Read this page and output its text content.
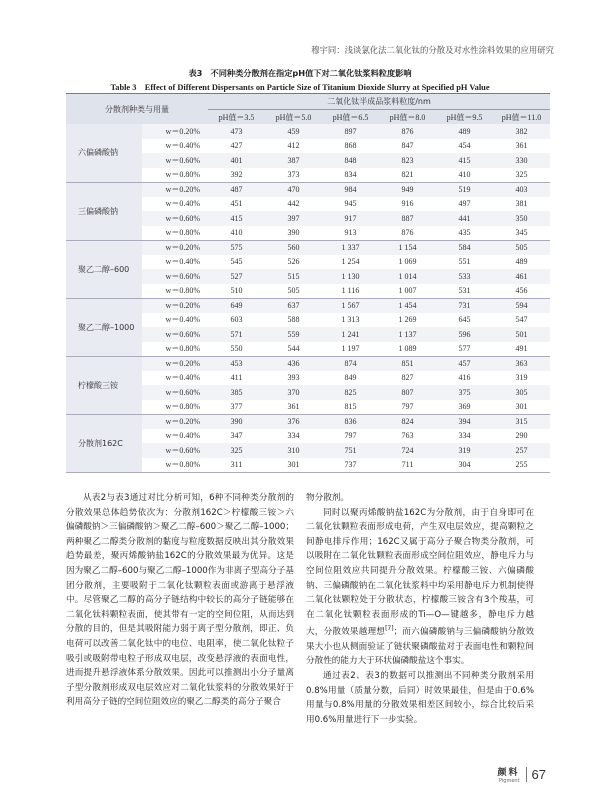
穆宇同：浅谈氯化法二氧化钛的分散及对水性涂料效果的应用研究
表3　不同种类分散剂在指定pH值下对二氧化钛浆料粒度影响
Table 3　Effect of Different Dispersants on Particle Size of Titanium Dioxide Slurry at Specified pH Value
分散剂种类与用量		二氧化钛半成品浆料粒度/nm					
		pH值＝3.5	pH值＝5.0	pH值＝6.5	pH值＝8.0	pH值＝9.5	pH值＝11.0
六偏磷酸钠	w＝0.20%	473	459	897	876	489	382
	w＝0.40%	427	412	868	847	454	361
	w＝0.60%	401	387	848	823	415	330
	w＝0.80%	392	373	834	821	410	325
三偏磷酸钠	w＝0.20%	487	470	984	949	519	403
	w＝0.40%	451	442	945	916	497	381
	w＝0.60%	415	397	917	887	441	350
	w＝0.80%	410	390	913	876	435	345
聚乙二醇–600	w＝0.20%	575	560	1 337	1 154	584	505
	w＝0.40%	545	526	1 254	1 069	551	489
	w＝0.60%	527	515	1 130	1 014	533	461
	w＝0.80%	510	505	1 116	1 007	531	456
聚乙二醇–1000	w＝0.20%	649	637	1 567	1 454	731	594
	w＝0.40%	603	588	1 313	1 269	645	547
	w＝0.60%	571	559	1 241	1 137	596	501
	w＝0.80%	550	544	1 197	1 089	577	491
柠檬酸三铵	w＝0.20%	453	436	874	851	457	363
	w＝0.40%	411	393	849	827	416	319
	w＝0.60%	385	370	825	807	375	305
	w＝0.80%	377	361	815	797	369	301
分散剂162C	w＝0.20%	390	376	836	824	394	315
	w＝0.40%	347	334	797	763	334	290
	w＝0.60%	325	310	751	724	319	257
	w＝0.80%	311	301	737	711	304	255

从表2与表3通过对比分析可知，6种不同种类分散剂的分散效果总体趋势依次为：分散剂162C＞柠檬酸三铵＞六偏磷酸钠＞三偏磷酸钠＞聚乙二醇–600＞聚乙二醇–1000；两种聚乙二醇类分散剂的黏度与粒度数据反映出其分散效果趋势最差，聚丙烯酸钠盐162C的分散效果最为优异。这是因为聚乙二醇–600与聚乙二醇–1000作为非离子型高分子基团分散剂，主要吸附于二氧化钛颗粒表面或游离于悬浮液中。尽管聚乙二醇的高分子链结构中较长的高分子链能够在二氧化钛料颗粒表面，使其带有一定的空间位阻，从而达到分散的目的，但是其吸附能力弱于离子型分散剂，即正、负电荷可以改善二氧化钛中的电位、电阻率，使二氧化钛粒子吸引或吸附带电粒子形成双电层，改变悬浮液的表面电性，进而提升悬浮液体系分散效果。因此可以推测出小分子量离子型分散剂形成双电层效应对二氧化钛浆料的分散效果好于利用高分子链的空间位阻效应的聚乙二醇类的高分子聚合

物分散剂。

同时以聚丙烯酸钠盐162C为分散剂，由于自身即可在二氧化钛颗粒表面形成电荷，产生双电层效应，提高颗粒之间静电排斥作用；162C又属于高分子聚合物类分散剂，可以吸附在二氧化钛颗粒表面形成空间位阻效应，静电斥力与空间位阻效应共同提升分散效果。柠檬酸三铵、六偏磷酸钠、三偏磷酸钠在二氧化钛浆料中均采用静电斥力机制使得二氧化钛颗粒处于分散状态，柠檬酸三铵含有3个羧基，可在二氧化钛颗粒表面形成的Ti—O—键越多，静电斥力越大，分散效果越理想[7]；而六偏磷酸钠与三偏磷酸钠分散效果大小也从侧面验证了链状聚磷酸盐对于表面电性和颗粒间分散性的能力大于环状偏磷酸盐这个事实。

通过表2、表3的数据可以推测出不同种类分散剂采用0.8%用量（质量分数，后同）时效果最佳，但是由于0.6%用量与0.8%用量的分散效果相差区间较小，综合比较后采用0.6%用量进行下一步实验。

颜料
Pigment 67
